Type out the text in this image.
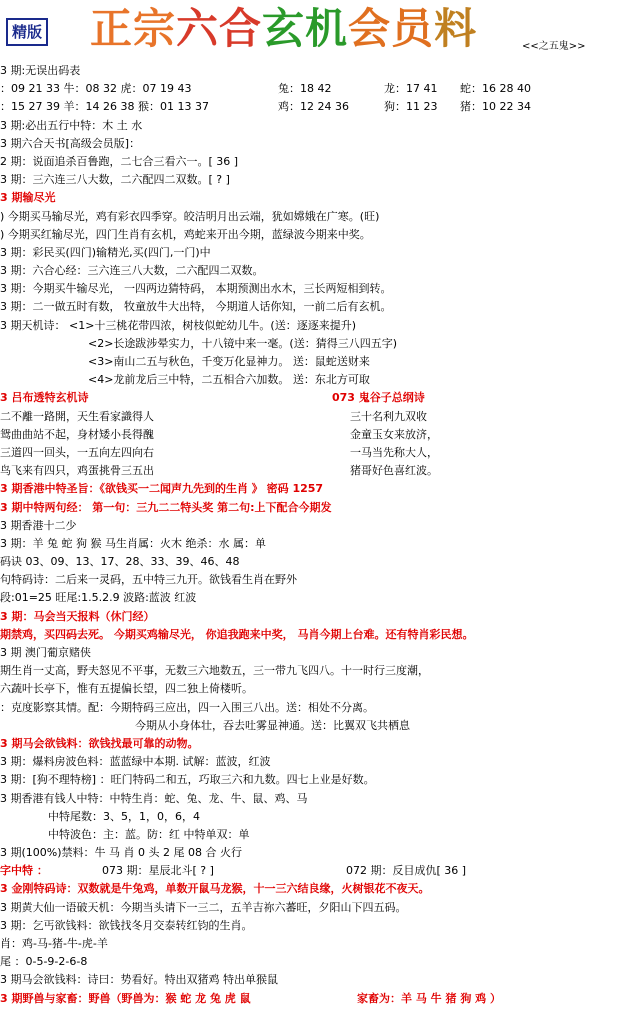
精版 正宗六合玄机会员料	<<之五鬼>>
3 期:无误出码表
：09 21 33 牛：08 32 虎：07 19 43	兔：18 42	龙：17 41 蛇：16 28 40
：15 27 39 羊：14 26 38 猴：01 13 37	鸡：12 24 36	狗：11 23 猪：10 22 34
3 期:必出五行中特：木 土 水
3 期六合天书[高级会员版]：
2 期：说面追杀百鲁跑，二七合三看六一。[ 36 ]
3 期：三六连三八大数，二六配四二双数。[ ? ]
3 期输尽光
) 今期买马输尽光，鸡有彩衣四季穿。皎洁明月出云端，犹如嫦娥在广寒。(旺)
) 今期买红输尽光，四门生肖有玄机，鸡蛇来开出今期，蓝绿波今期来中奖。
3 期：彩民买(四门)输精光,买(四门,一门)中
3 期：六合心经：三六连三八大数，二六配四二双数。
3 期：今期买牛输尽光， 一四两边猜特码， 本期预测出水木，三长两短相到转。
3 期：二一做五时有数， 牧童放牛大出特， 今期道人话你知，一前二后有玄机。
3 期天机诗： <1>十三桃花带四浓，树枝似蛇幼儿牛。(送：逐逐来提升)
<2>长途跋涉晕实力，十八镜中来一毫。(送：猜得三八四五字)
<3>南山二五与秋色，千变万化显神力。 送：鼠蛇送财来
<4>龙前龙后三中特，二五相合六加数。 送：东北方可取
3 吕布透特玄机诗	073 鬼谷子总纲诗
二不離一路開，天生看家識得人	三十名利九双收
鸳曲曲站不起，身材矮小長得醜	金童玉女来放济，
三道四一回头，一五向左四向右	一马当先称大人，
鸟飞来有四只，鸡蛋挑骨三五出	猪哥好色喜红波。
3 期香港中特圣旨：《欲钱买一二闻声九先到的生肖 》 密码 1257
3 期中特两句经： 第一句：三九二二特头奖 第二句:上下配合今期发
3 期香港十二少
3 期：羊 兔 蛇 狗 猴 马生肖属：火木 绝杀：水 属：单
码诀 03、09、13、17、28、33、39、46、48
句特码诗：二后来一灵码，五中特三九开。欲钱看生肖在野外
段:01=25 旺尾:1.5.2.9 波路:蓝波 红波
3 期：马会当天报料（休门经）
期禁鸡，买四码去死。 今期买鸡输尽光， 你追我跑来中奖， 马肖今期上台难。还有特肖彩民想。
3 期 澳门葡京赌侠
期生肖一丈高，野夫怒见不平事，无数三六地数五，三一带九飞四八。十一时行三度潮，
六蔬叶长亭下，惟有五提偏长望，四二独上倚楼听。
：克度影察其情。配：今期特码三应出，四一入围三八出。送：相处不分离。
今期从小身体壮，吞去吐雾显神通。送：比翼双飞共栖息
3 期马会欲钱料：欲钱找最可靠的动物。
3 期：爆料房波色料：蓝蓝绿中本期. 试解：蓝波，红波
3 期：[狗不理特榜] ：旺门特码二和五，巧取三六和九数。四七上业是好数。
3 期香港有钱人中特：中特生肖：蛇、兔、龙、牛、鼠、鸡、马
中特尾数：3、5，1，0，6，4
中特波色：主：蓝。防：红 中特单双：单
3 期(100%)禁料：牛 马 肖 0 头 2 尾 08 合 火行
字中特 ：	073 期：星辰北斗[ ? ]	072 期：反目成仇[ 36 ]
3 金刚特码诗：双数就是牛兔鸡，单数开鼠马龙猴，十一三六结良缘，火树银花不夜天。
3 期黄大仙一语破天机：今期当头请下一三二，五羊吉祢六蕃旺，夕阳山下四五码。
3 期：乞丐欲钱料：欲钱找冬月交泰转红钧的生肖。
肖：鸡-马-猪-牛-虎-羊
尾 ：0-5-9-2-6-8
3 期马会欲钱料：诗曰：势看好。特出双猪鸡 特出单猴鼠
3 期野兽与家畜：野兽（野兽为：猴 蛇 龙 兔 虎 鼠	家畜为：羊 马 牛 猪 狗 鸡 ）
